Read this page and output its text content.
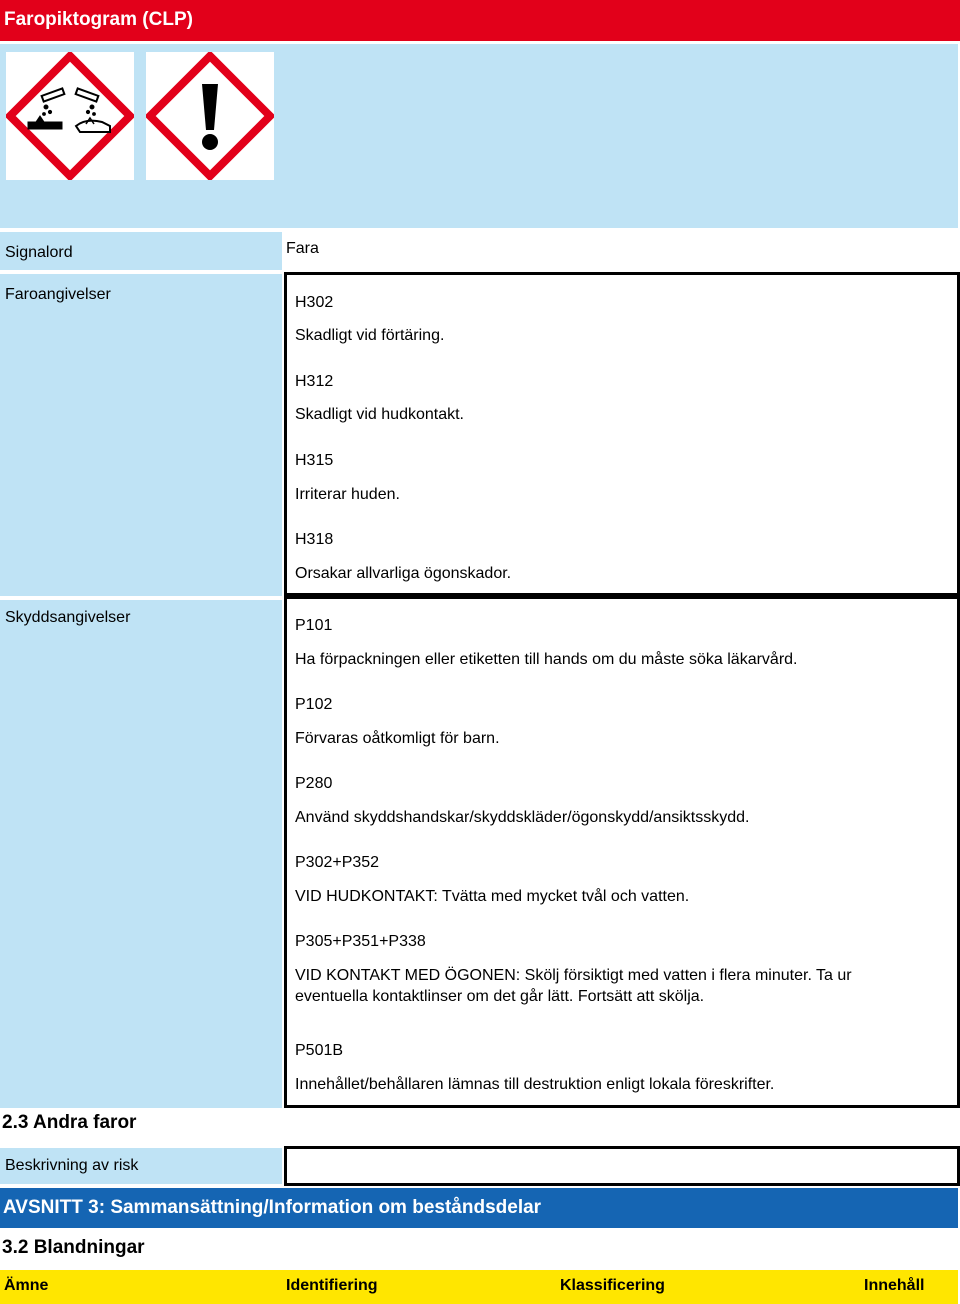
Faropiktogram (CLP)
Signalord	Fara
Faroangivelser	H302
Skadligt vid förtäring.
H312
Skadligt vid hudkontakt.
H315
Irriterar huden.
H318
Orsakar allvarliga ögonskador.
Skyddsangivelser	P101
Ha förpackningen eller etiketten till hands om du måste söka läkarvård.
P102
Förvaras oåtkomligt för barn.
P280
Använd skyddshandskar/skyddskläder/ögonskydd/ansiktsskydd.
P302+P352
VID HUDKONTAKT: Tvätta med mycket tvål och vatten.
P305+P351+P338
VID KONTAKT MED ÖGONEN: Skölj försiktigt med vatten i flera minuter. Ta ur
eventuella kontaktlinser om det går lätt. Fortsätt att skölja.
P501B
Innehållet/behållaren lämnas till destruktion enligt lokala föreskrifter.
2.3 Andra faror
Beskrivning av risk
AVSNITT 3: Sammansättning/Information om beståndsdelar
3.2 Blandningar
Ämne	Identifiering	Klassificering	Innehåll
